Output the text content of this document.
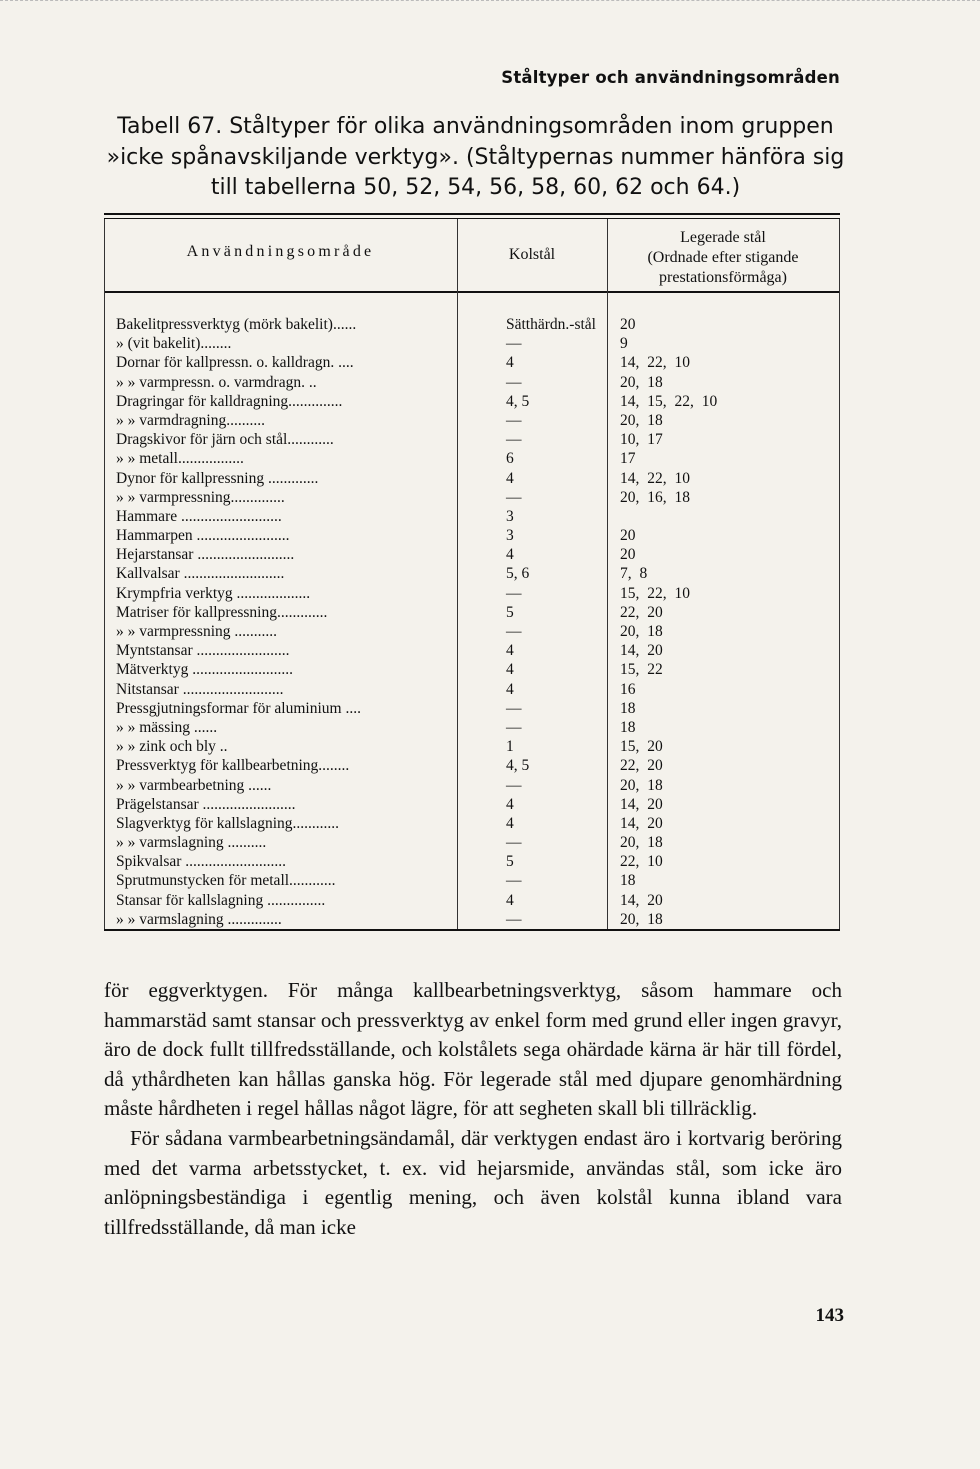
Ståltyper och användningsområden
Tabell 67. Ståltyper för olika användningsområden inom gruppen »icke spånavskiljande verktyg». (Ståltypernas nummer hänföra sig till tabellerna 50, 52, 54, 56, 58, 60, 62 och 64.)
Användningsområde	Kolstål
Legerade stål
(Ordnade efter stigande
prestationsförmåga)
Bakelitpressverktyg (mörk bakelit)......	Sätthärdn.-stål 20
» (vit bakelit)........	—	9
Dornar för kallpressn. o. kalldragn. ....	4	14, 22, 10
» » varmpressn. o. varmdragn. ..	—	20, 18
Dragringar för kalldragning..............	4, 5	14, 15, 22, 10
» » varmdragning..........	—	20, 18
Dragskivor för järn och stål............	—	10, 17
» » metall.................	6	17
Dynor för kallpressning .............	4	14, 22, 10
» » varmpressning..............	—	20, 16, 18
Hammare ..........................	3
Hammarpen ........................	3	20
Hejarstansar .........................	4	20
Kallvalsar ..........................	5, 6	7, 8
Krympfria verktyg ...................	—	15, 22, 10
Matriser för kallpressning.............	5	22, 20
» » varmpressning ...........	—	20, 18
Myntstansar ........................	4	14, 20
Mätverktyg ..........................	4	15, 22
Nitstansar ..........................	4	16
Pressgjutningsformar för aluminium ....	—	18
» » mässing ......	—	18
» » zink och bly ..	1	15, 20
Pressverktyg för kallbearbetning........	4, 5	22, 20
» » varmbearbetning ......	—	20, 18
Prägelstansar ........................	4	14, 20
Slagverktyg för kallslagning............	4	14, 20
» » varmslagning ..........	—	20, 18
Spikvalsar ..........................	5	22, 10
Sprutmunstycken för metall............	—	18
Stansar för kallslagning ...............	4	14, 20
» » varmslagning ..............	—	20, 18

för eggverktygen. För många kallbearbetningsverktyg, såsom hammare och hammarstäd samt stansar och pressverktyg av enkel form med grund eller ingen gravyr, äro de dock fullt tillfredsställande, och kolstålets sega ohärdade kärna är här till fördel, då ythårdheten kan hållas ganska hög. För legerade stål med djupare genomhärdning måste hårdheten i regel hållas något lägre, för att segheten skall bli tillräcklig.

För sådana varmbearbetningsändamål, där verktygen endast äro i kortvarig beröring med det varma arbetsstycket, t. ex. vid hejarsmide, användas stål, som icke äro anlöpningsbeständiga i egentlig mening, och även kolstål kunna ibland vara tillfredsställande, då man icke

143
